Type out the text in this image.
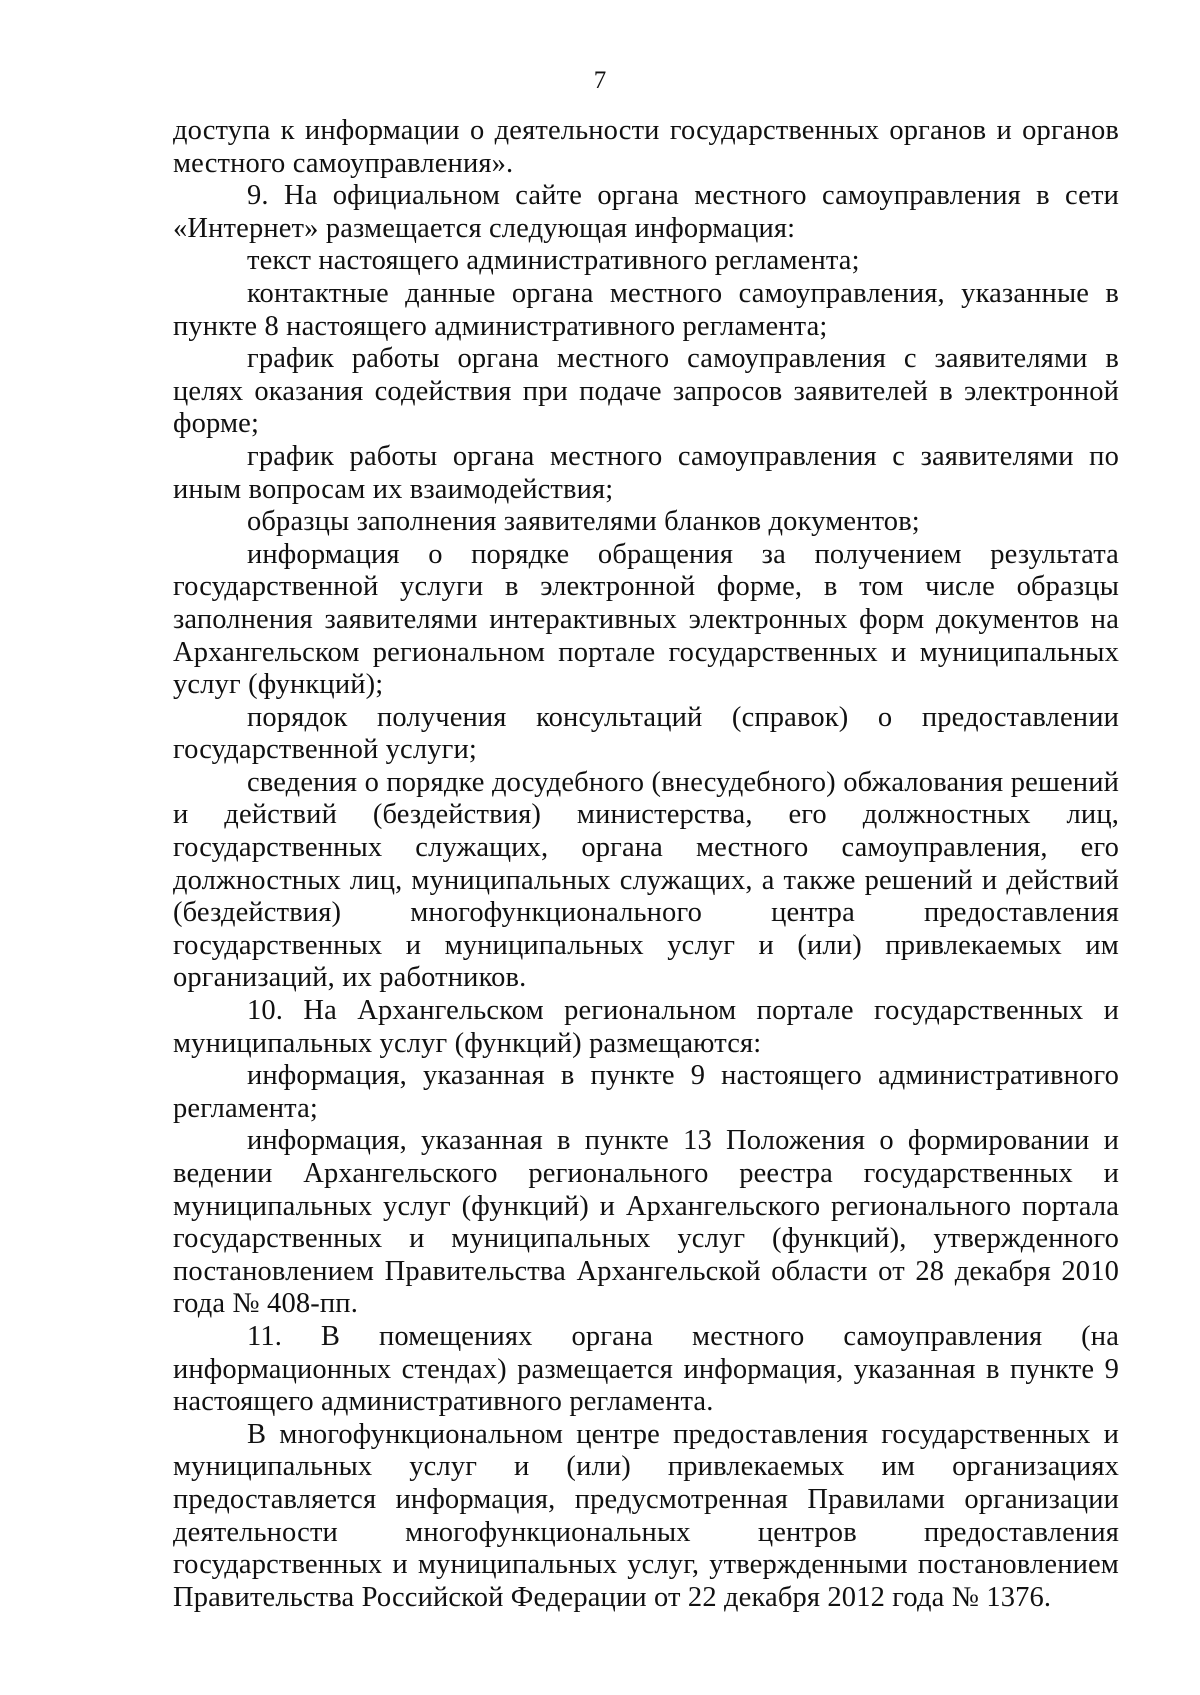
7

доступа к информации о деятельности государственных органов и органов местного самоуправления».

9. На официальном сайте органа местного самоуправления в сети «Интернет» размещается следующая информация:

текст настоящего административного регламента;

контактные данные органа местного самоуправления, указанные в пункте 8 настоящего административного регламента;

график работы органа местного самоуправления с заявителями в целях оказания содействия при подаче запросов заявителей в электронной форме;

график работы органа местного самоуправления с заявителями по иным вопросам их взаимодействия;

образцы заполнения заявителями бланков документов;

информация о порядке обращения за получением результата государственной услуги в электронной форме, в том числе образцы заполнения заявителями интерактивных электронных форм документов на Архангельском региональном портале государственных и муниципальных услуг (функций);

порядок получения консультаций (справок) о предоставлении государственной услуги;

сведения о порядке досудебного (внесудебного) обжалования решений и действий (бездействия) министерства, его должностных лиц, государственных служащих, органа местного самоуправления, его должностных лиц, муниципальных служащих, а также решений и действий (бездействия) многофункционального центра предоставления государственных и муниципальных услуг и (или) привлекаемых им организаций, их работников.

10. На Архангельском региональном портале государственных и муниципальных услуг (функций) размещаются:

информация, указанная в пункте 9 настоящего административного регламента;

информация, указанная в пункте 13 Положения о формировании и ведении Архангельского регионального реестра государственных и муниципальных услуг (функций) и Архангельского регионального портала государственных и муниципальных услуг (функций), утвержденного постановлением Правительства Архангельской области от 28 декабря 2010 года № 408-пп.

11. В помещениях органа местного самоуправления (на информационных стендах) размещается информация, указанная в пункте 9 настоящего административного регламента.

В многофункциональном центре предоставления государственных и муниципальных услуг и (или) привлекаемых им организациях предоставляется информация, предусмотренная Правилами организации деятельности многофункциональных центров предоставления государственных и муниципальных услуг, утвержденными постановлением Правительства Российской Федерации от 22 декабря 2012 года № 1376.
